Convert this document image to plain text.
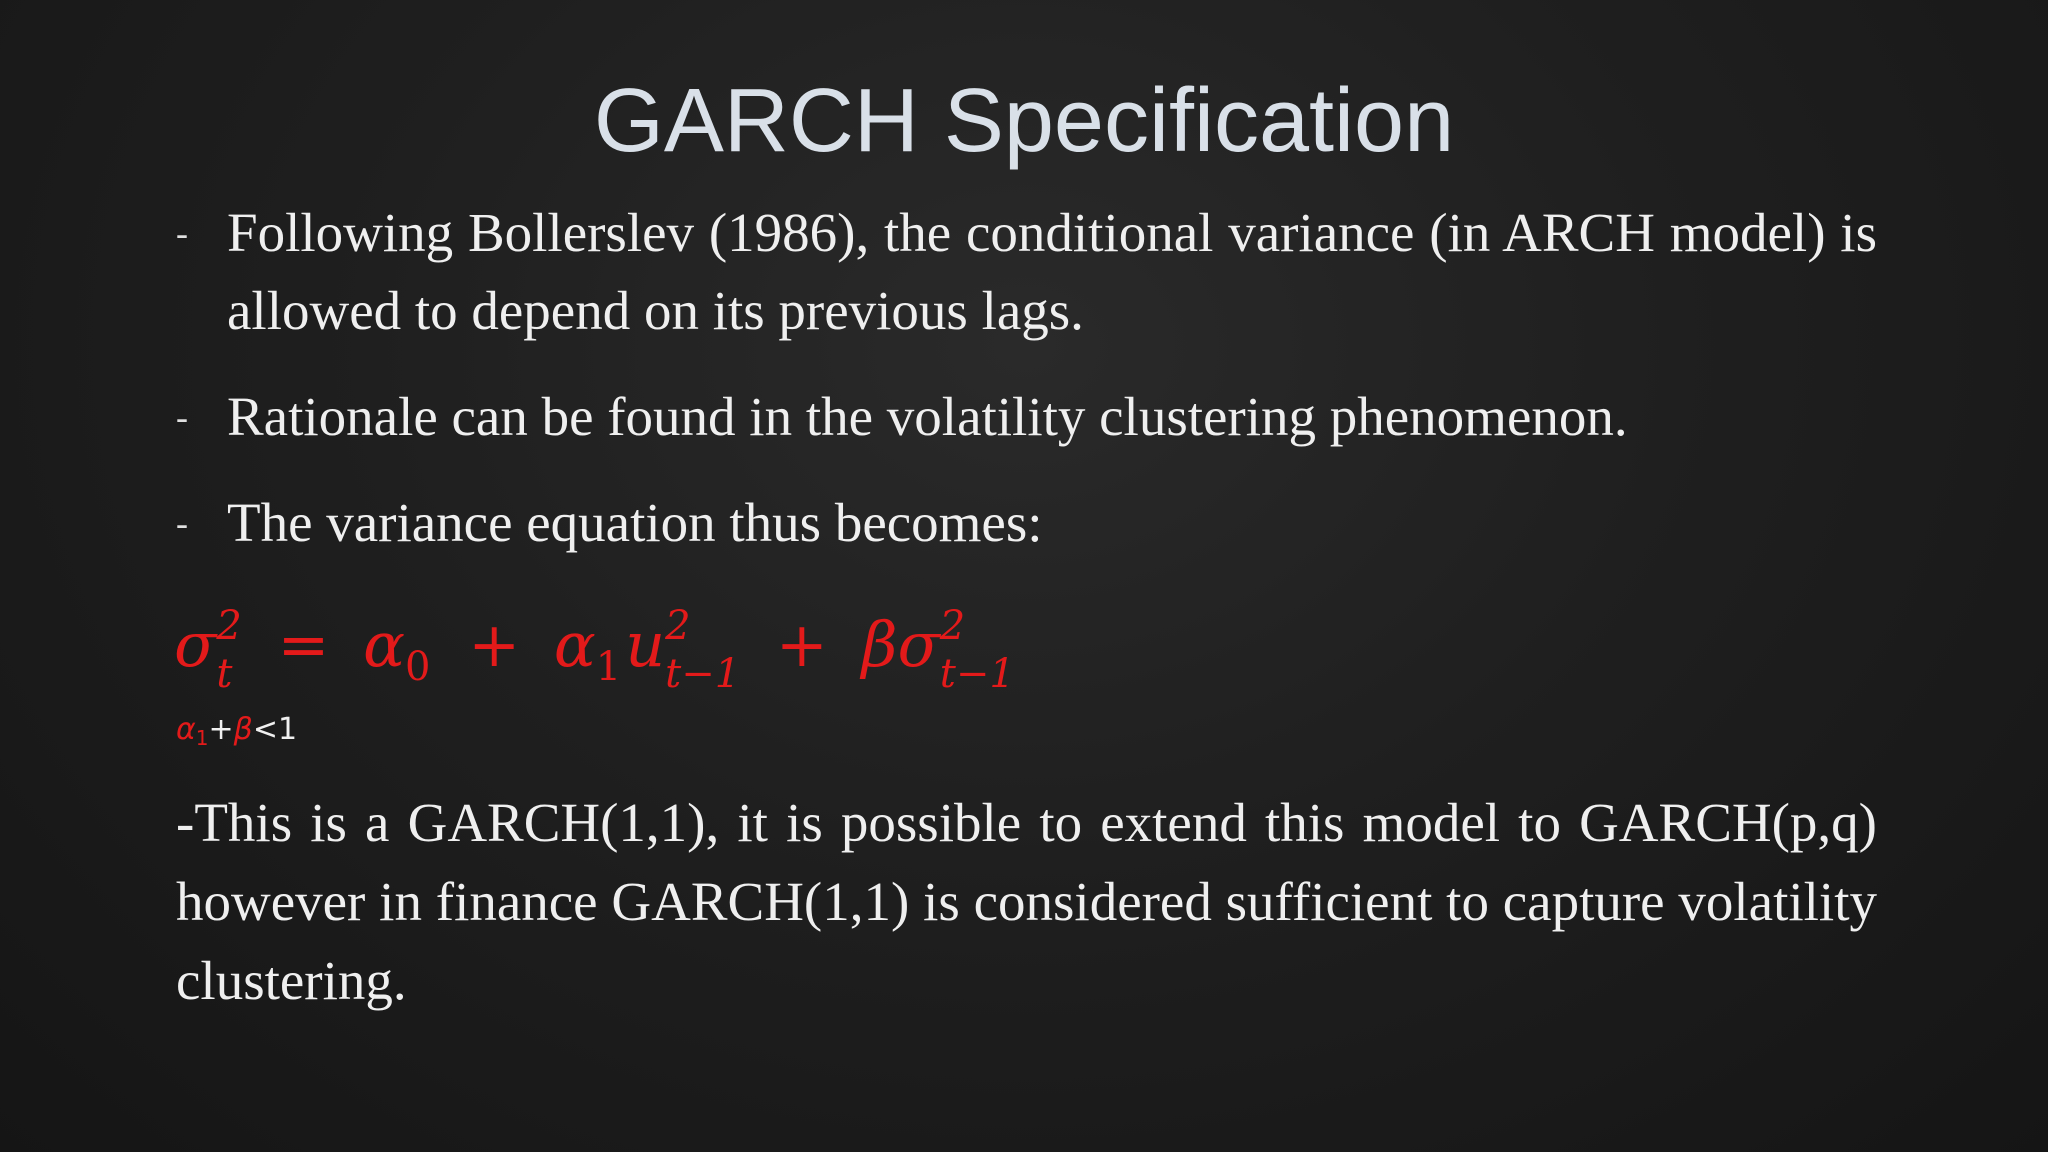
GARCH Specification
- Following Bollerslev (1986), the conditional variance (in ARCH model) is allowed to depend on its previous lags.
- Rationale can be found in the volatility clustering phenomenon.
- The variance equation thus becomes:
σ 2
t = α0 + α1u 2
t−1 + βσ 2
t−1
$\alpha_1+\beta<1$

-This is a GARCH(1,1), it is possible to extend this model to GARCH(p,q) however in finance GARCH(1,1) is considered sufficient to capture volatility clustering.
